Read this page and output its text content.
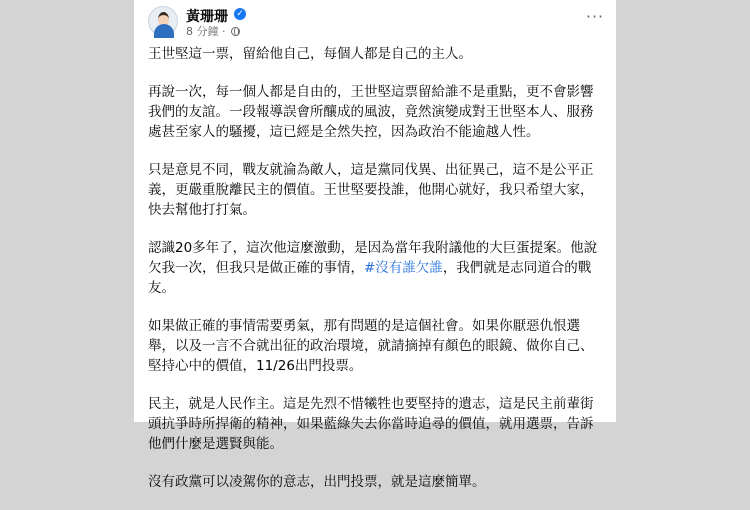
黃珊珊 ✓
8 分鐘 ·
···

王世堅這一票，留給他自己，每個人都是自己的主人。

再說一次，每一個人都是自由的，王世堅這票留給誰不是重點，更不會影響我們的友誼。一段報導誤會所釀成的風波，竟然演變成對王世堅本人、服務處甚至家人的騷擾，這已經是全然失控，因為政治不能逾越人性。

只是意見不同，戰友就淪為敵人，這是黨同伐異、出征異己，這不是公平正義，更嚴重脫離民主的價值。王世堅要投誰，他開心就好，我只希望大家，快去幫他打打氣。

認識20多年了，這次他這麼激動，是因為當年我附議他的大巨蛋提案。他說欠我一次，但我只是做正確的事情，#沒有誰欠誰，我們就是志同道合的戰友。

如果做正確的事情需要勇氣，那有問題的是這個社會。如果你厭惡仇恨選舉，以及一言不合就出征的政治環境，就請摘掉有顏色的眼鏡、做你自己、堅持心中的價值，11/26出門投票。

民主，就是人民作主。這是先烈不惜犧牲也要堅持的遺志，這是民主前輩街頭抗爭時所捍衛的精神，如果藍綠失去你當時追尋的價值，就用選票，告訴他們什麼是選賢與能。

沒有政黨可以凌駕你的意志，出門投票，就是這麼簡單。
